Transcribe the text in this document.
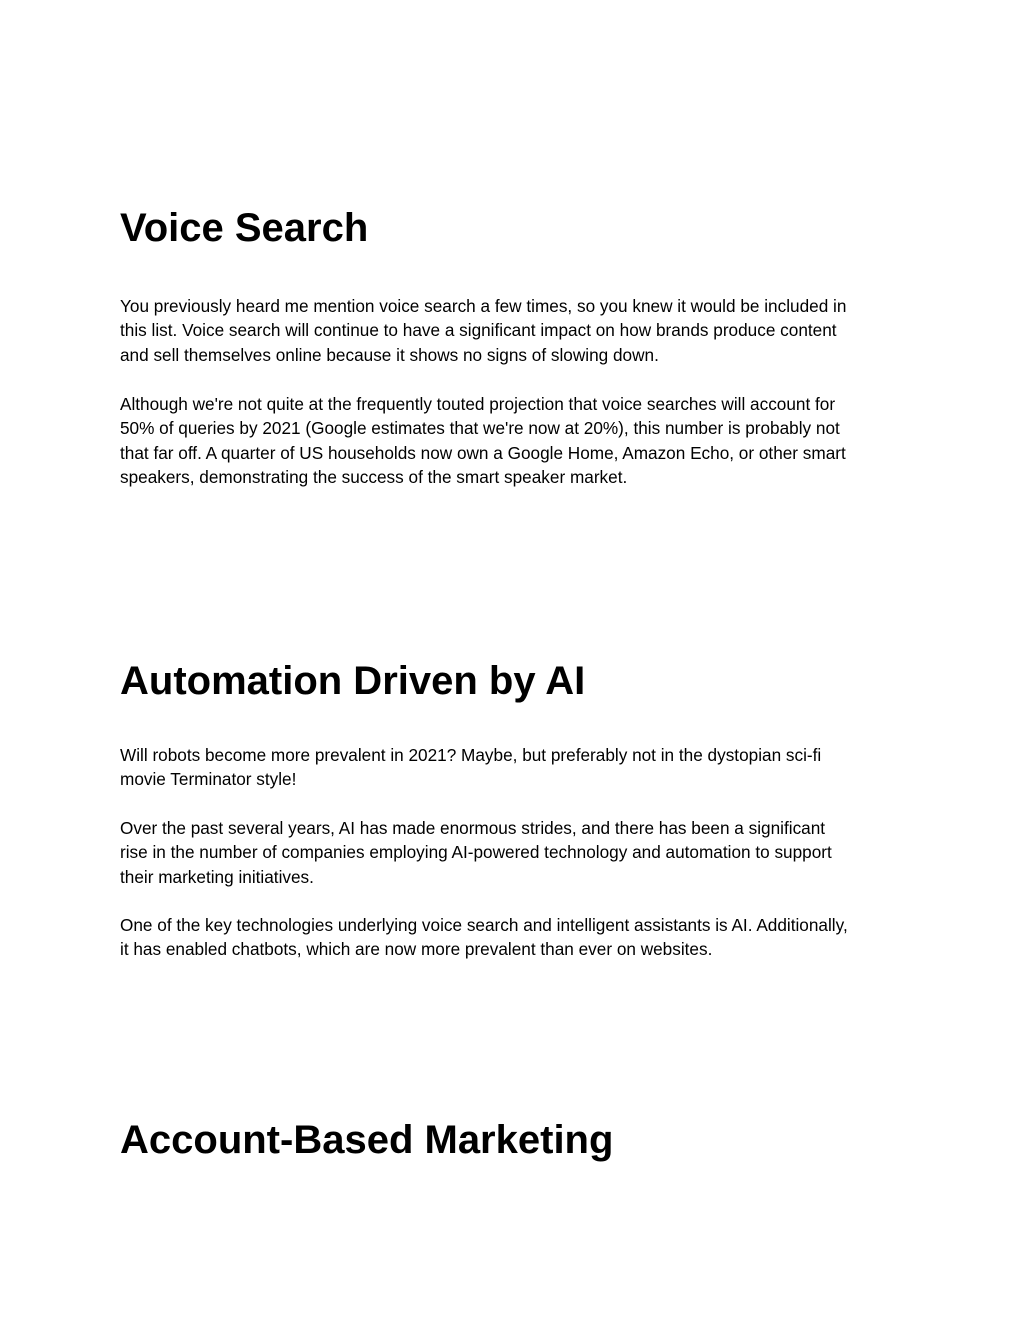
Voice Search

You previously heard me mention voice search a few times, so you knew it would be included in
this list. Voice search will continue to have a significant impact on how brands produce content
and sell themselves online because it shows no signs of slowing down.

Although we're not quite at the frequently touted projection that voice searches will account for
50% of queries by 2021 (Google estimates that we're now at 20%), this number is probably not
that far off. A quarter of US households now own a Google Home, Amazon Echo, or other smart
speakers, demonstrating the success of the smart speaker market.

Automation Driven by AI

Will robots become more prevalent in 2021? Maybe, but preferably not in the dystopian sci-fi
movie Terminator style!

Over the past several years, AI has made enormous strides, and there has been a significant
rise in the number of companies employing AI-powered technology and automation to support
their marketing initiatives.

One of the key technologies underlying voice search and intelligent assistants is AI. Additionally,
it has enabled chatbots, which are now more prevalent than ever on websites.

Account-Based Marketing
